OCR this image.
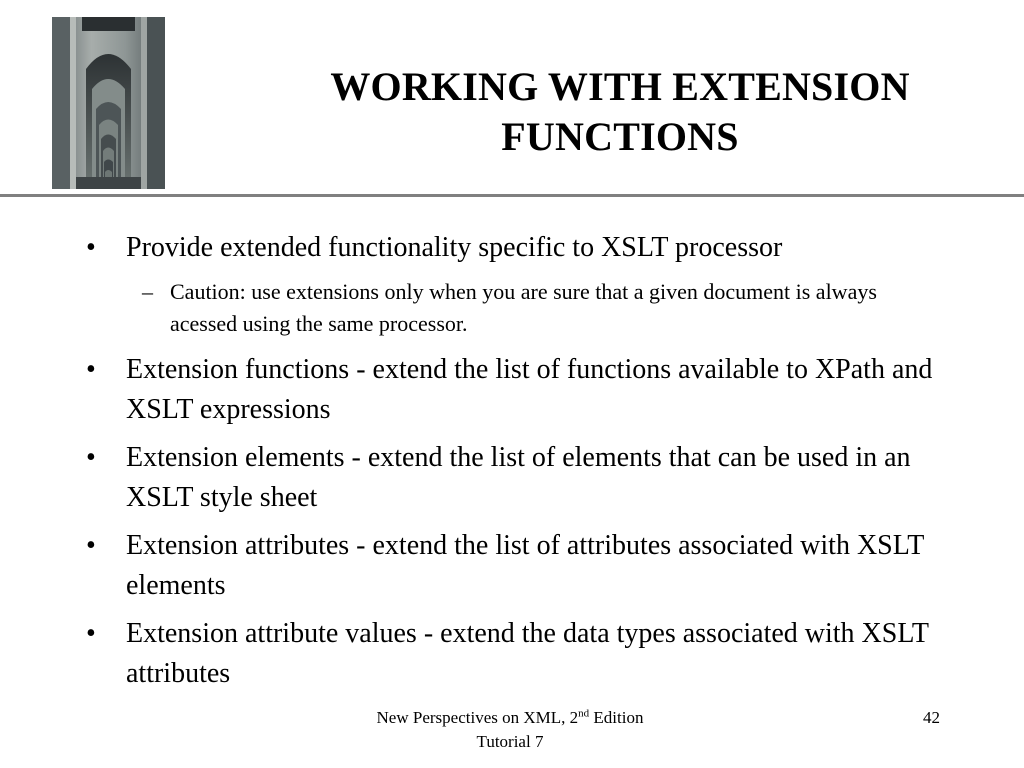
WORKING WITH EXTENSION
FUNCTIONS
• Provide extended functionality specific to XSLT processor
– Caution: use extensions only when you are sure that a given document is always acessed using the same processor.
• Extension functions - extend the list of functions available to XPath and XSLT expressions
• Extension elements - extend the list of elements that can be used in an XSLT style sheet
• Extension attributes - extend the list of attributes associated with XSLT elements
• Extension attribute values - extend the data types associated with XSLT attributes
New Perspectives on XML, 2nd Edition
Tutorial 7
42
